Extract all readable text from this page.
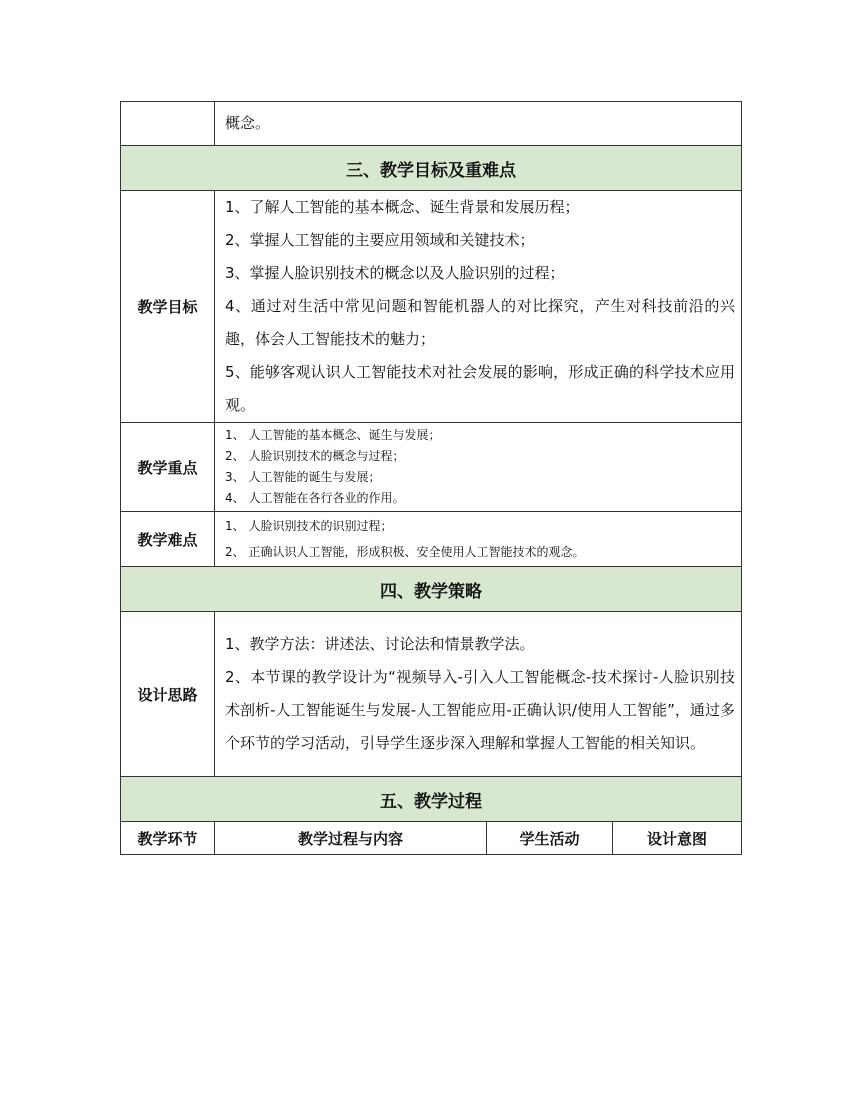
	概念。		
三、教学目标及重难点			
教学目标	1、了解人工智能的基本概念、诞生背景和发展历程；

2、掌握人工智能的主要应用领域和关键技术；

3、掌握人脸识别技术的概念以及人脸识别的过程；

4、通过对生活中常见问题和智能机器人的对比探究，产生对科技前沿的兴趣，体会人工智能技术的魅力；

5、能够客观认识人工智能技术对社会发展的影响，形成正确的科学技术应用观。		

教学重点	1、 人工智能的基本概念、诞生与发展；

2、 人脸识别技术的概念与过程；

3、 人工智能的诞生与发展；

4、 人工智能在各行各业的作用。		

教学难点	1、 人脸识别技术的识别过程；

2、 正确认识人工智能，形成积极、安全使用人工智能技术的观念。		

四、教学策略			
设计思路	1、教学方法：讲述法、讨论法和情景教学法。

2、本节课的教学设计为“视频导入-引入人工智能概念-技术探讨-人脸识别技术剖析-人工智能诞生与发展-人工智能应用-正确认识/使用人工智能”，通过多个环节的学习活动，引导学生逐步深入理解和掌握人工智能的相关知识。		

五、教学过程			
教学环节	教学过程与内容	学生活动	设计意图
